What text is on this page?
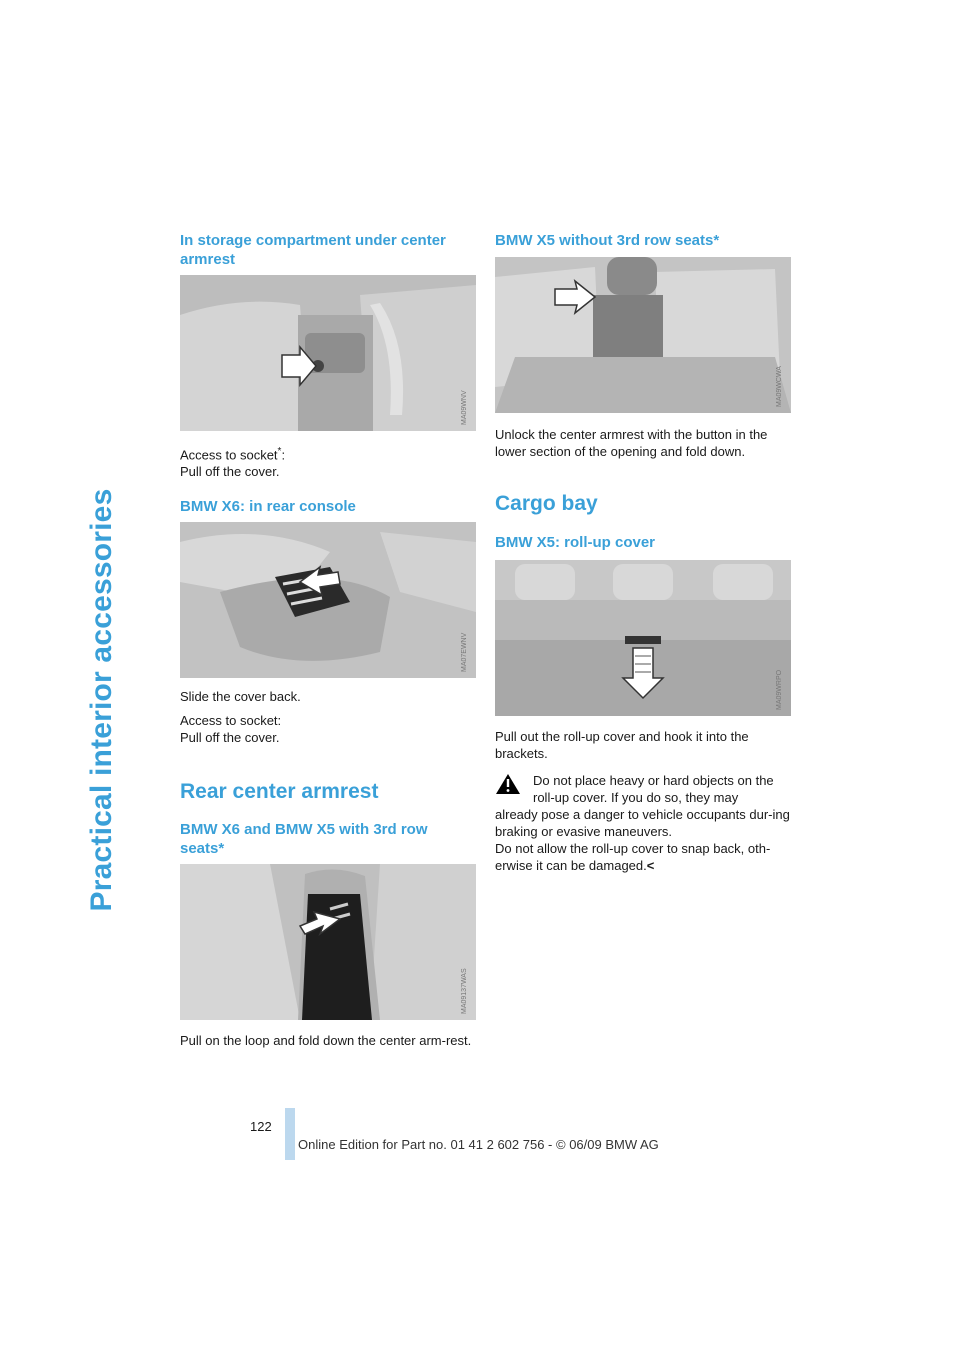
Practical interior accessories
In storage compartment under center armrest
MA09WNV

Access to socket*:
Pull off the cover.

BMW X6: in rear console
MA07EWNV

Slide the cover back.

Access to socket:
Pull off the cover.

Rear center armrest
BMW X6 and BMW X5 with 3rd row seats*
MA09137WAS

Pull on the loop and fold down the center arm-rest.

BMW X5 without 3rd row seats*
MA09WCWA

Unlock the center armrest with the button in the lower section of the opening and fold down.

Cargo bay
BMW X5: roll-up cover
MA09WRPO

Pull out the roll-up cover and hook it into the brackets.

Do not place heavy or hard objects on the

roll-up cover. If you do so, they may

already pose a danger to vehicle occupants dur-ing braking or evasive maneuvers.

Do not allow the roll-up cover to snap back, oth-erwise it can be damaged.<

122
Online Edition for Part no. 01 41 2 602 756 - © 06/09 BMW AG
